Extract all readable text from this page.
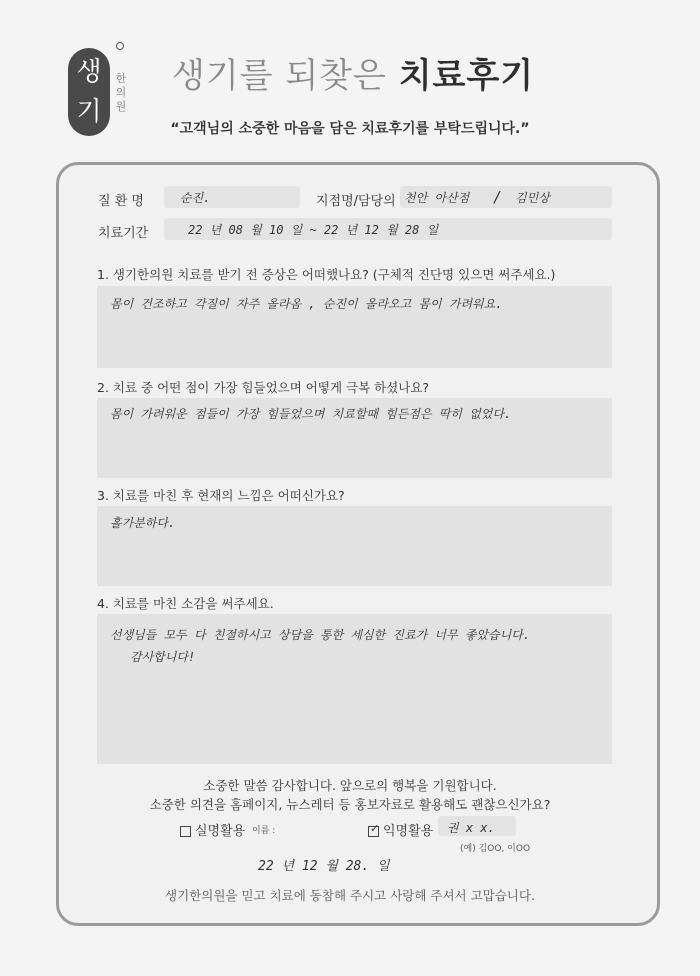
생기
한의원
생기를 되찾은 치료후기
“고객님의 소중한 마음을 담은 치료후기를 부탁드립니다.”
질 환 명	순진.	지점명/담당의 천안 아산점 / 김민상
치료기간	22 년 08 월 10 일 ~ 22 년 12 월 28 일
1. 생기한의원 치료를 받기 전 증상은 어떠했나요? (구체적 진단명 있으면 써주세요.)
몸이 건조하고 각질이 자주 올라옴 , 순진이 올라오고 몸이 가려워요.
2. 치료 중 어떤 점이 가장 힘들었으며 어떻게 극복 하셨나요?
몸이 가려워운 점들이 가장 힘들었으며 치료할때 힘든점은 딱히 없었다.
3. 치료를 마친 후 현재의 느낌은 어떠신가요?
홀가분하다.
4. 치료를 마친 소감을 써주세요.
선생님들 모두 다 친절하시고 상담을 통한 세심한 진료가 너무 좋았습니다.
감사합니다!
소중한 말씀 감사합니다. 앞으로의 행복을 기원합니다.
소중한 의견을 홈페이지, 뉴스레터 등 홍보자료로 활용해도 괜찮으신가요?
실명활용 이름 :	✓ 익명활용 권 x x.
(예) 김OO, 이OO
22 년 12 월 28. 일
생기한의원을 믿고 치료에 동참해 주시고 사랑해 주셔서 고맙습니다.
